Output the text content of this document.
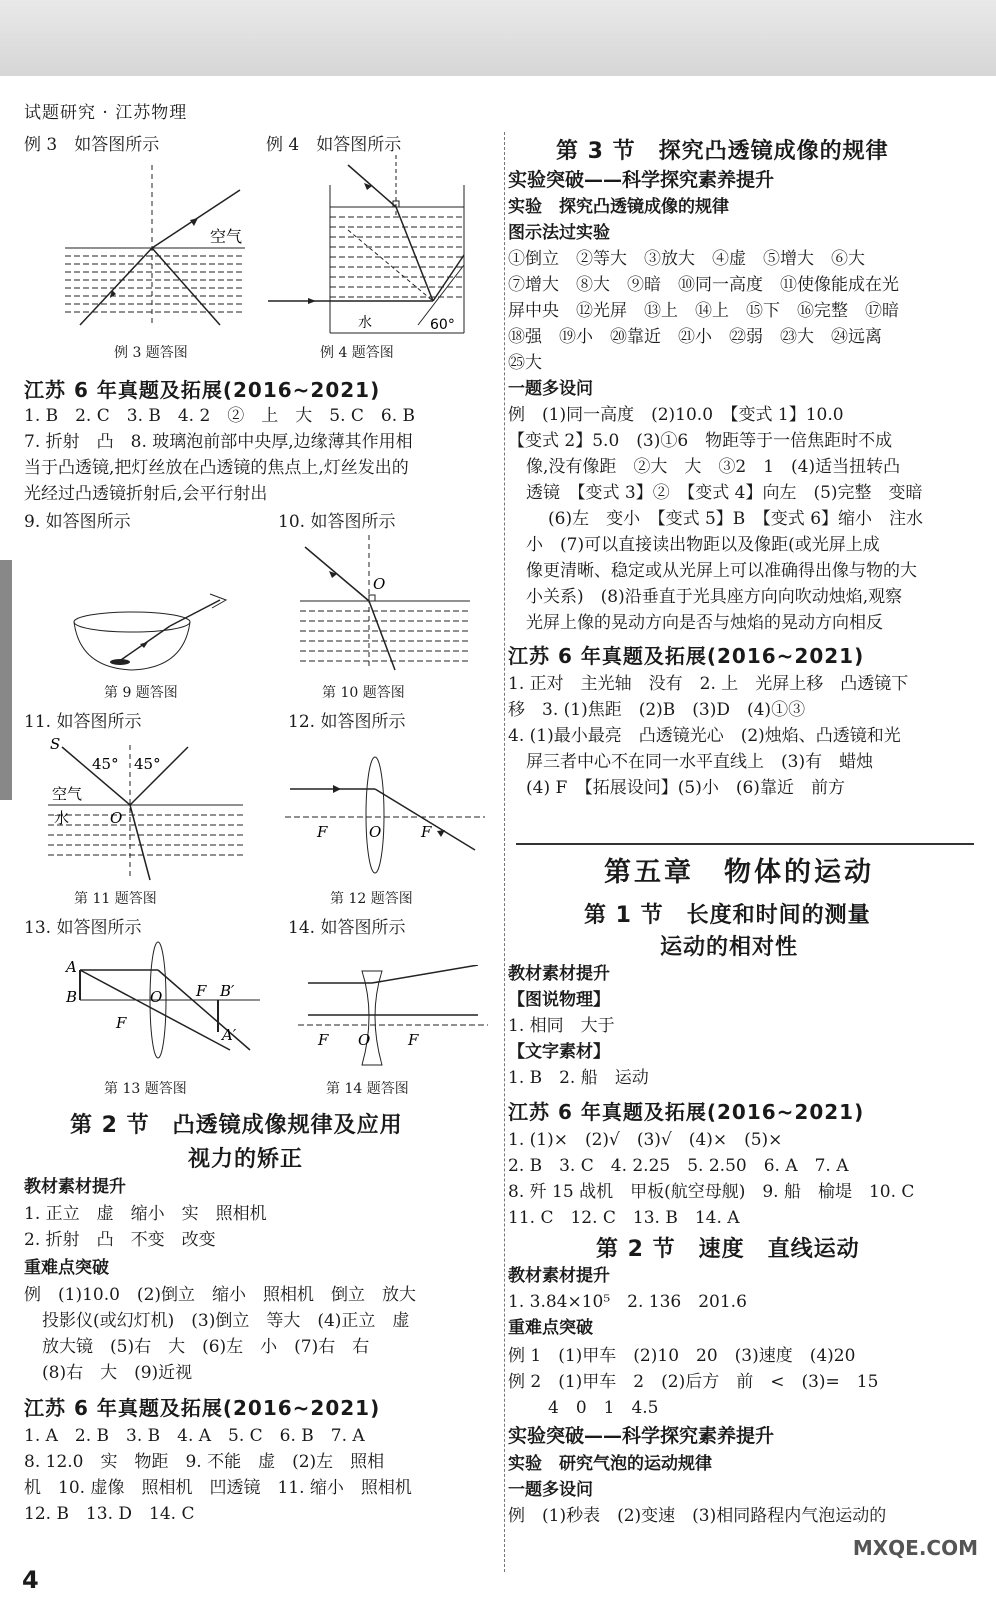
试题研究 · 江苏物理
例 3　如答图所示	例 4　如答图所示
空气
例 3 题答图
水	60°
例 4 题答图
江苏 6 年真题及拓展(2016~2021)
1. B　2. C　3. B　4. 2　②　上　大　5. C　6. B
7. 折射　凸　8. 玻璃泡前部中央厚,边缘薄其作用相
当于凸透镜,把灯丝放在凸透镜的焦点上,灯丝发出的
光经过凸透镜折射后,会平行射出
9. 如答图所示	10. 如答图所示
第 9 题答图
O
第 10 题答图
11. 如答图所示	12. 如答图所示
S
45° 45°
空气
水	O
第 11 题答图
F	O	F
第 12 题答图
13. 如答图所示	14. 如答图所示
A
B	O F
F
B′
A′
第 13 题答图
F O	F
第 14 题答图
第 2 节　凸透镜成像规律及应用
视力的矫正
教材素材提升
1. 正立　虚　缩小　实　照相机
2. 折射　凸　不变　改变
重难点突破
例　(1)10.0　(2)倒立　缩小　照相机　倒立　放大
投影仪(或幻灯机)　(3)倒立　等大　(4)正立　虚
放大镜　(5)右　大　(6)左　小　(7)右　右
(8)右　大　(9)近视
江苏 6 年真题及拓展(2016~2021)
1. A　2. B　3. B　4. A　5. C　6. B　7. A
8. 12.0　实　物距　9. 不能　虚　(2)左　照相
机　10. 虚像　照相机　凹透镜　11. 缩小　照相机
12. B　13. D　14. C
第 3 节　探究凸透镜成像的规律
实验突破——科学探究素养提升
实验　探究凸透镜成像的规律
图示法过实验
①倒立　②等大　③放大　④虚　⑤增大　⑥大
⑦增大　⑧大　⑨暗　⑩同一高度　⑪使像能成在光
屏中央　⑫光屏　⑬上　⑭上　⑮下　⑯完整　⑰暗
⑱强　⑲小　⑳靠近　㉑小　㉒弱　㉓大　㉔远离
㉕大
一题多设问
例　(1)同一高度　(2)10.0　【变式 1】10.0
【变式 2】5.0　(3)①6　物距等于一倍焦距时不成
像,没有像距　②大　大　③2　1　(4)适当扭转凸
透镜　【变式 3】②　【变式 4】向左　(5)完整　变暗
(6)左　变小　【变式 5】B　【变式 6】缩小　注水
小　(7)可以直接读出物距以及像距(或光屏上成
像更清晰、稳定或从光屏上可以准确得出像与物的大
小关系)　(8)沿垂直于光具座方向向吹动烛焰,观察
光屏上像的晃动方向是否与烛焰的晃动方向相反
江苏 6 年真题及拓展(2016~2021)
1. 正对　主光轴　没有　2. 上　光屏上移　凸透镜下
移　3. (1)焦距　(2)B　(3)D　(4)①③
4. (1)最小最亮　凸透镜光心　(2)烛焰、凸透镜和光
屏三者中心不在同一水平直线上　(3)有　蜡烛
(4) F　【拓展设问】(5)小　(6)靠近　前方
第五章　物体的运动
第 1 节　长度和时间的测量
运动的相对性
教材素材提升
【图说物理】
1. 相同　大于
【文字素材】
1. B　2. 船　运动
江苏 6 年真题及拓展(2016~2021)
1. (1)×　(2)√　(3)√　(4)×　(5)×
2. B　3. C　4. 2.25　5. 2.50　6. A　7. A
8. 歼 15 战机　甲板(航空母舰)　9. 船　榆堤　10. C
11. C　12. C　13. B　14. A
第 2 节　速度　直线运动
教材素材提升
1. 3.84×10⁵　2. 136　201.6
重难点突破
例 1　(1)甲车　(2)10　20　(3)速度　(4)20
例 2　(1)甲车　2　(2)后方　前　<　(3)=　15
4　0　1　4.5
实验突破——科学探究素养提升
实验　研究气泡的运动规律
一题多设问
例　(1)秒表　(2)变速　(3)相同路程内气泡运动的
4
MXQE.COM
